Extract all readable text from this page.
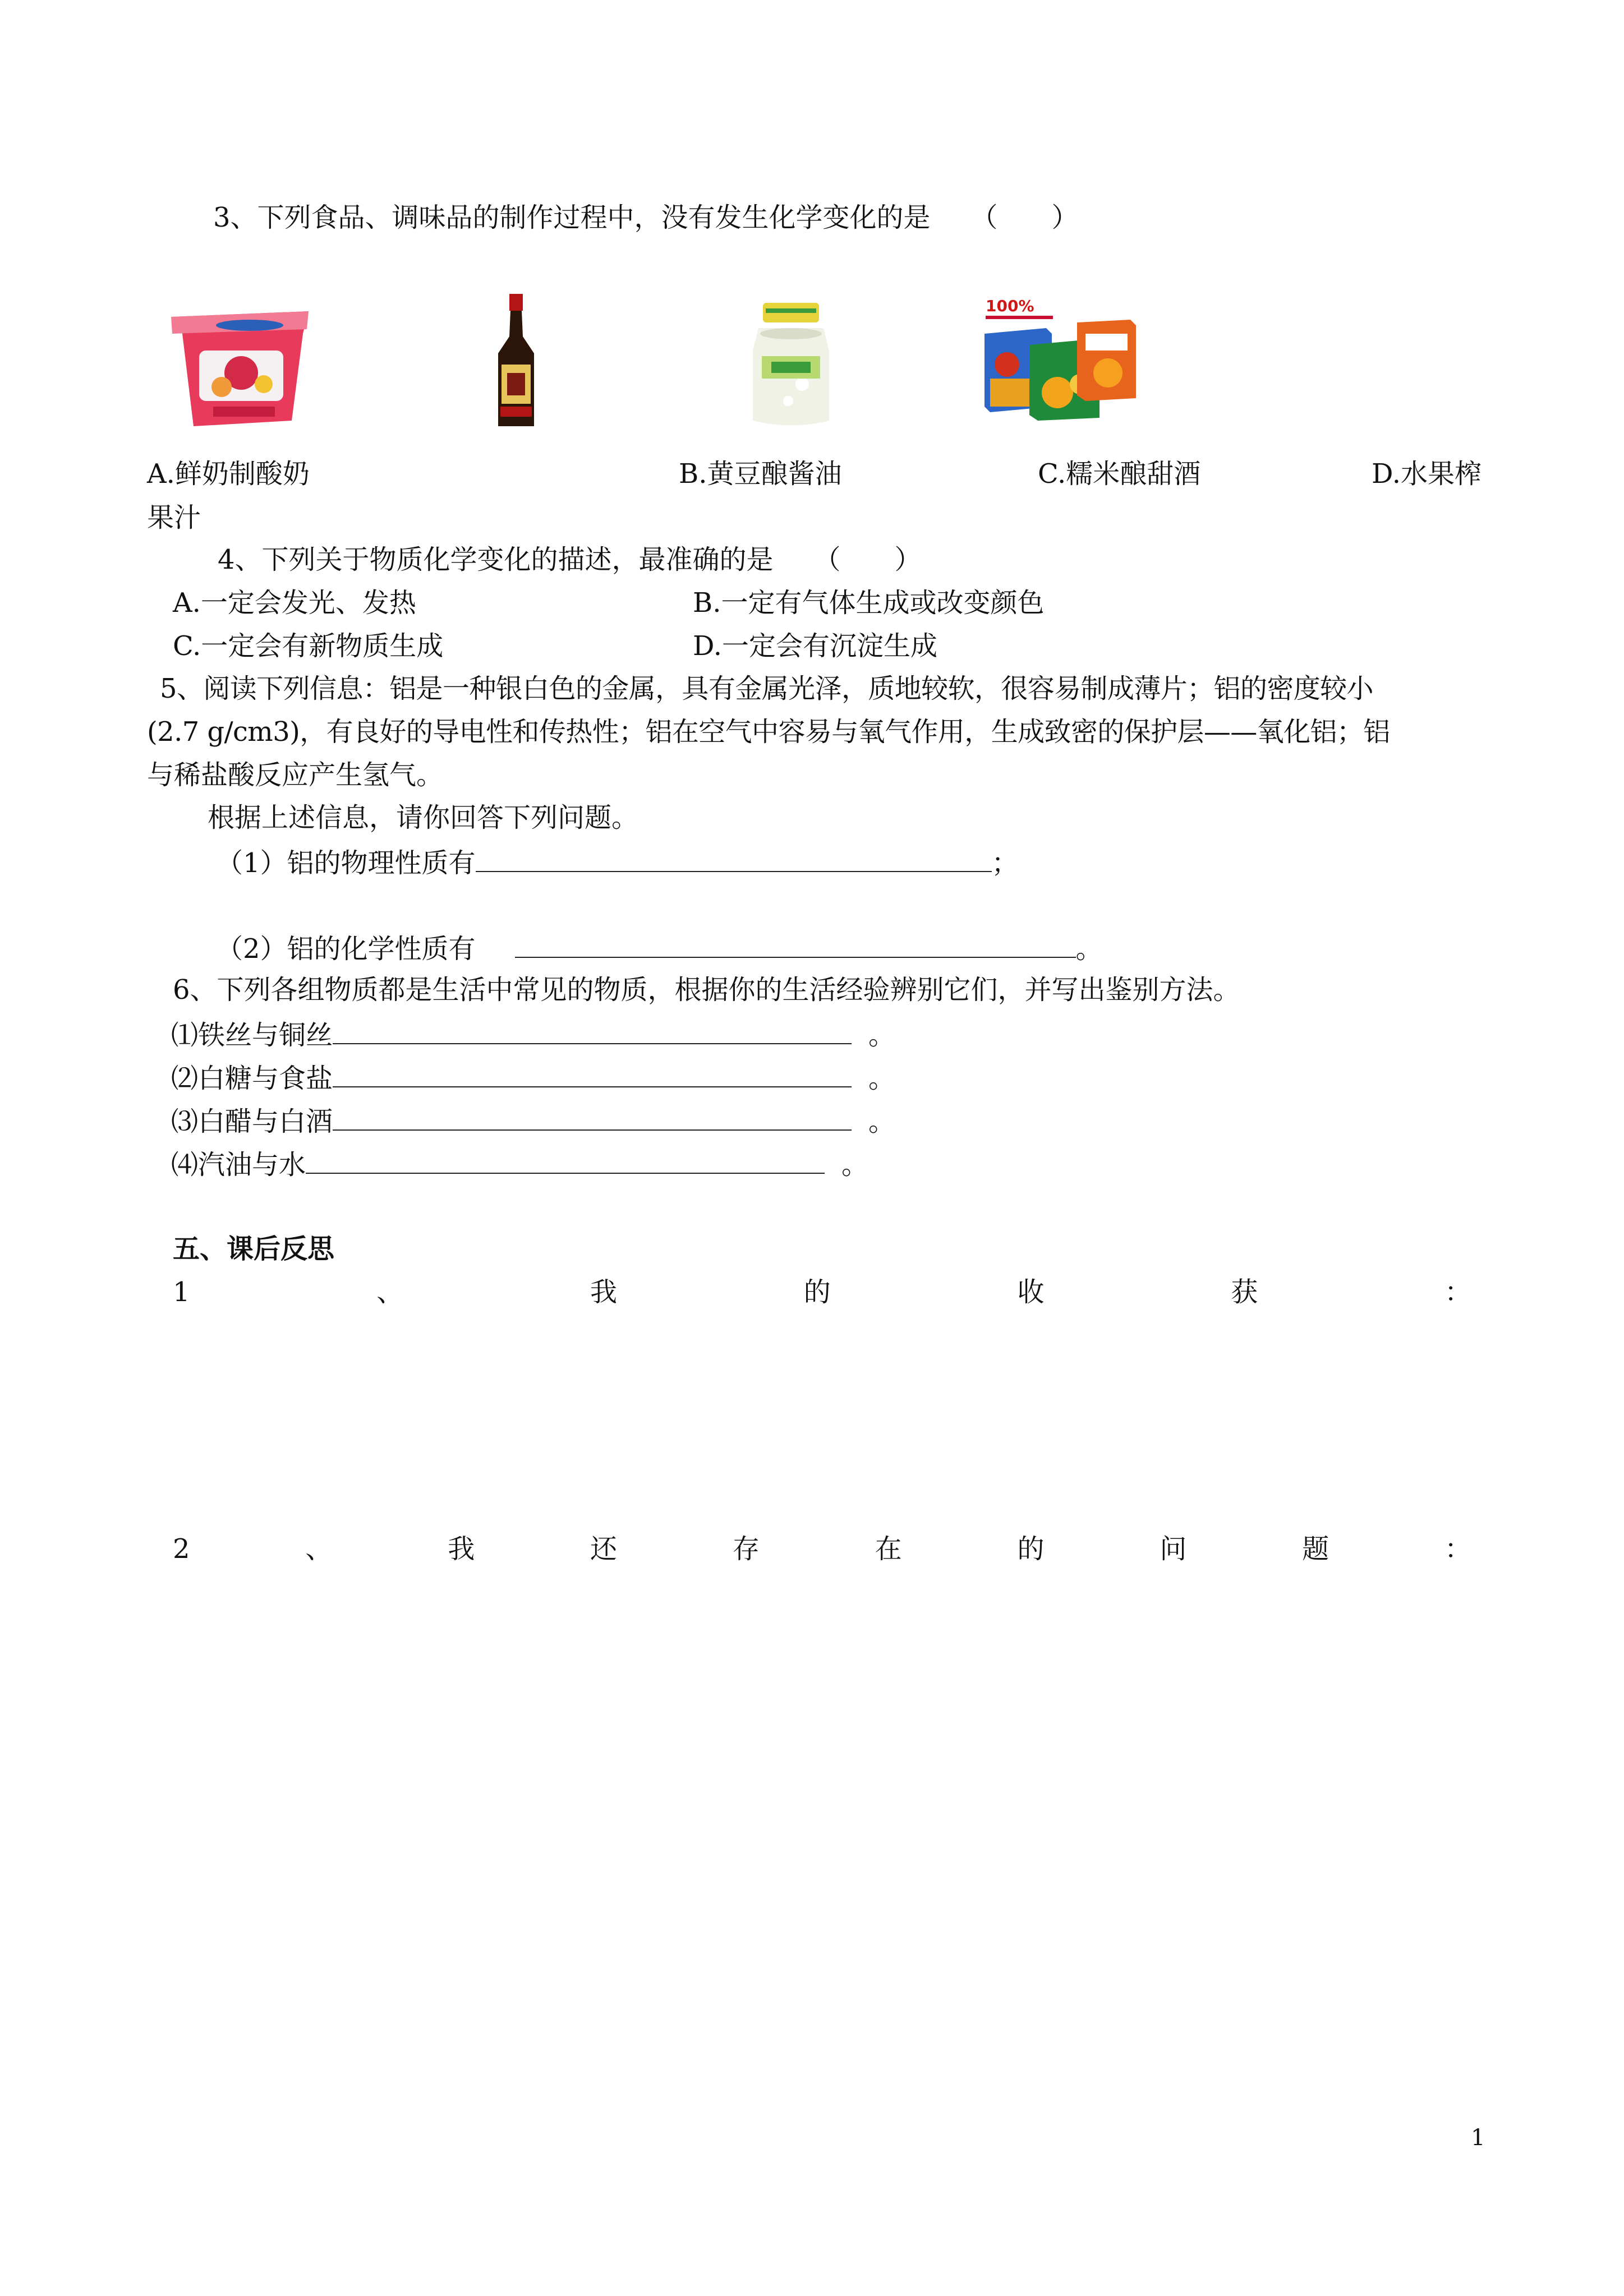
3、下列食品、调味品的制作过程中，没有发生化学变化的是　　（　　）
100%
A.鲜奶制酸奶	B.黄豆酿酱油	C.糯米酿甜酒	D.水果榨
果汁
4、下列关于物质化学变化的描述，最准确的是　　（　　）
A.一定会发光、发热	B.一定有气体生成或改变颜色
C.一定会有新物质生成	D.一定会有沉淀生成
5、阅读下列信息：铝是一种银白色的金属，具有金属光泽，质地较软，很容易制成薄片；铝的密度较小
(2.7 g/cm3)，有良好的导电性和传热性；铝在空气中容易与氧气作用，生成致密的保护层——氧化铝；铝
与稀盐酸反应产生氢气。
根据上述信息，请你回答下列问题。
（1）铝的物理性质有	；
（2）铝的化学性质有	。
6、下列各组物质都是生活中常见的物质，根据你的生活经验辨别它们，并写出鉴别方法。
⑴铁丝与铜丝	。
⑵白糖与食盐	。
⑶白醋与白酒	。
⑷汽油与水	。
五、课后反思
1	、	我	的	收	获	：
2	、	我	还	存	在	的	问	题	：
1
